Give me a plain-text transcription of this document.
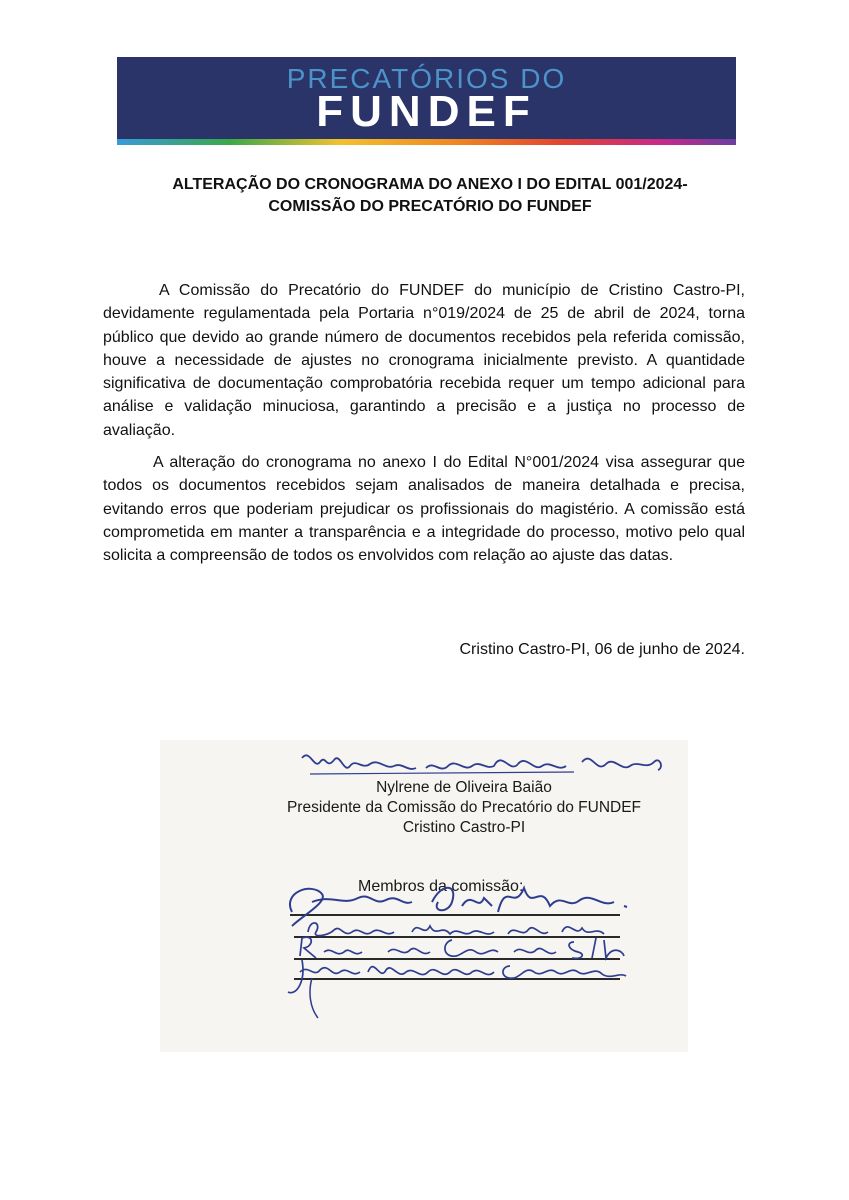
PRECATÓRIOS DO
FUNDEF
ALTERAÇÃO DO CRONOGRAMA DO ANEXO I DO EDITAL 001/2024-
COMISSÃO DO PRECATÓRIO DO FUNDEF

A Comissão do Precatório do FUNDEF do município de Cristino Castro-PI, devidamente regulamentada pela Portaria n°019/2024 de 25 de abril de 2024, torna público que devido ao grande número de documentos recebidos pela referida comissão, houve a necessidade de ajustes no cronograma inicialmente previsto. A quantidade significativa de documentação comprobatória recebida requer um tempo adicional para análise e validação minuciosa, garantindo a precisão e a justiça no processo de avaliação.

A alteração do cronograma no anexo I do Edital N°001/2024 visa assegurar que todos os documentos recebidos sejam analisados de maneira detalhada e precisa, evitando erros que poderiam prejudicar os profissionais do magistério. A comissão está comprometida em manter a transparência e a integridade do processo, motivo pelo qual solicita a compreensão de todos os envolvidos com relação ao ajuste das datas.

Cristino Castro-PI, 06 de junho de 2024.
Nylrene de Oliveira Baião
Presidente da Comissão do Precatório do FUNDEF
Cristino Castro-PI
Membros da comissão:
